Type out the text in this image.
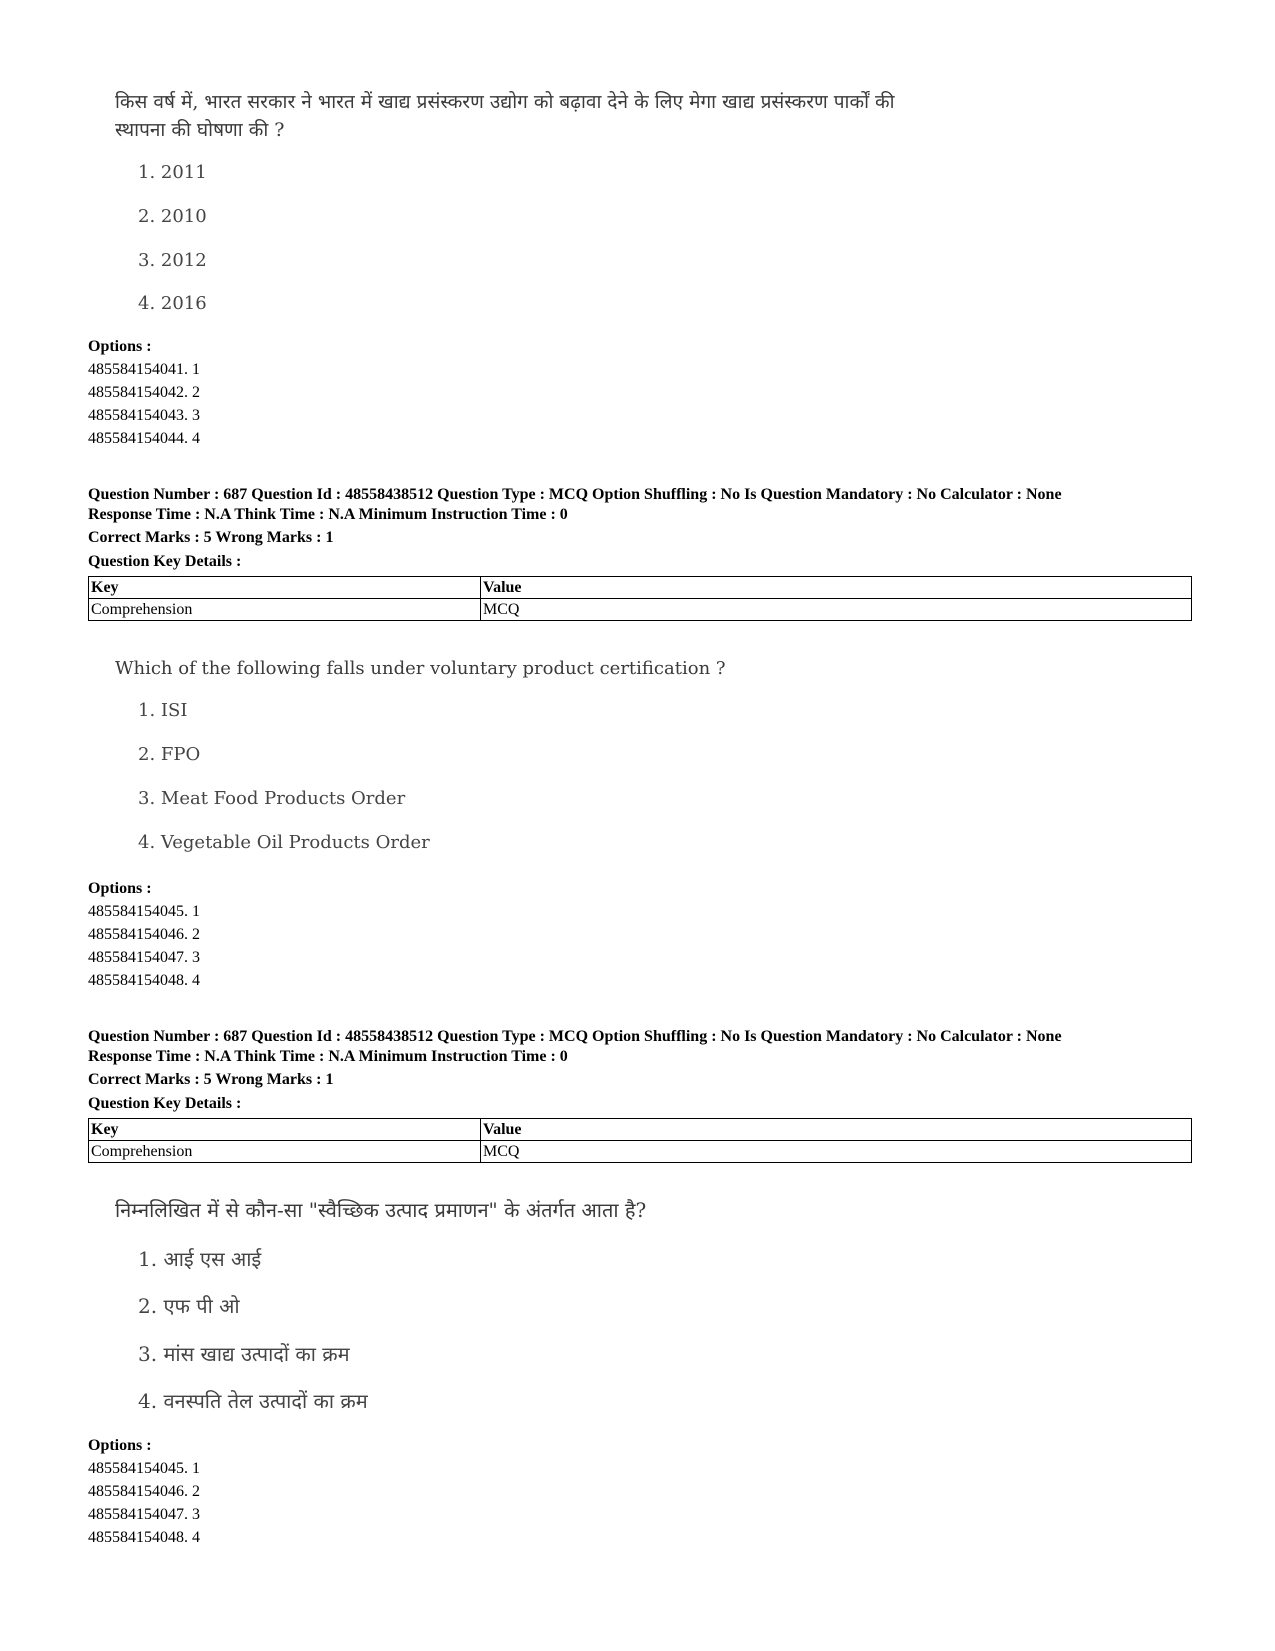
किस वर्ष में, भारत सरकार ने भारत में खाद्य प्रसंस्करण उद्योग को बढ़ावा देने के लिए मेगा खाद्य प्रसंस्करण पार्कों की
स्थापना की घोषणा की ?
1. 2011
2. 2010
3. 2012
4. 2016
Options :
485584154041. 1
485584154042. 2
485584154043. 3
485584154044. 4
Question Number : 687 Question Id : 48558438512 Question Type : MCQ Option Shuffling : No Is Question Mandatory : No Calculator : None
Response Time : N.A Think Time : N.A Minimum Instruction Time : 0
Correct Marks : 5 Wrong Marks : 1
Question Key Details :
Key	Value
Comprehension	MCQ
Which of the following falls under voluntary product certification ?
1. ISI
2. FPO
3. Meat Food Products Order
4. Vegetable Oil Products Order
Options :
485584154045. 1
485584154046. 2
485584154047. 3
485584154048. 4
Question Number : 687 Question Id : 48558438512 Question Type : MCQ Option Shuffling : No Is Question Mandatory : No Calculator : None
Response Time : N.A Think Time : N.A Minimum Instruction Time : 0
Correct Marks : 5 Wrong Marks : 1
Question Key Details :
Key	Value
Comprehension	MCQ
निम्नलिखित में से कौन-सा "स्वैच्छिक उत्पाद प्रमाणन" के अंतर्गत आता है?
1. आई एस आई
2. एफ पी ओ
3. मांस खाद्य उत्पादों का क्रम
4. वनस्पति तेल उत्पादों का क्रम
Options :
485584154045. 1
485584154046. 2
485584154047. 3
485584154048. 4
